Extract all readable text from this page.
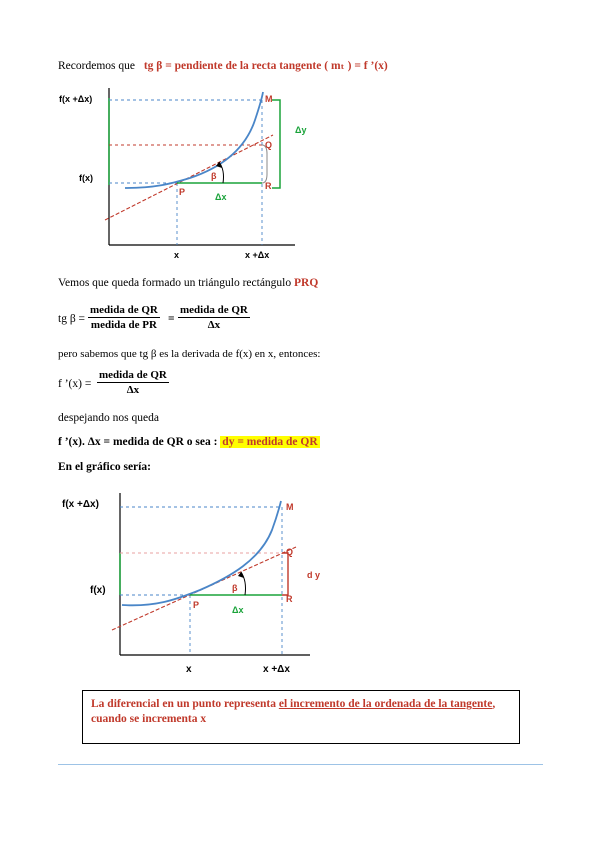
Recordemos que tg β = pendiente de la recta tangente ( mₜ ) = f ’(x)
f(x +Δx)
f(x)
x	x +Δx
M
Q
R
P
β
Δx
Δy
Vemos que queda formado un triángulo rectángulo PRQ
tg β =
medida de QR
medida de PR =
medida de QR
Δx
pero sabemos que tg β es la derivada de f(x) en x, entonces:
f ’(x) =
medida de QR
Δx
despejando nos queda
f ’(x). Δx = medida de QR o sea : dy = medida de QR
En el gráfico sería:
f(x +Δx)
f(x)
x	x +Δx
M
Q
R
P
β
Δx
d y

La diferencial en un punto representa el incremento de la ordenada de la tangente, cuando se incrementa x
